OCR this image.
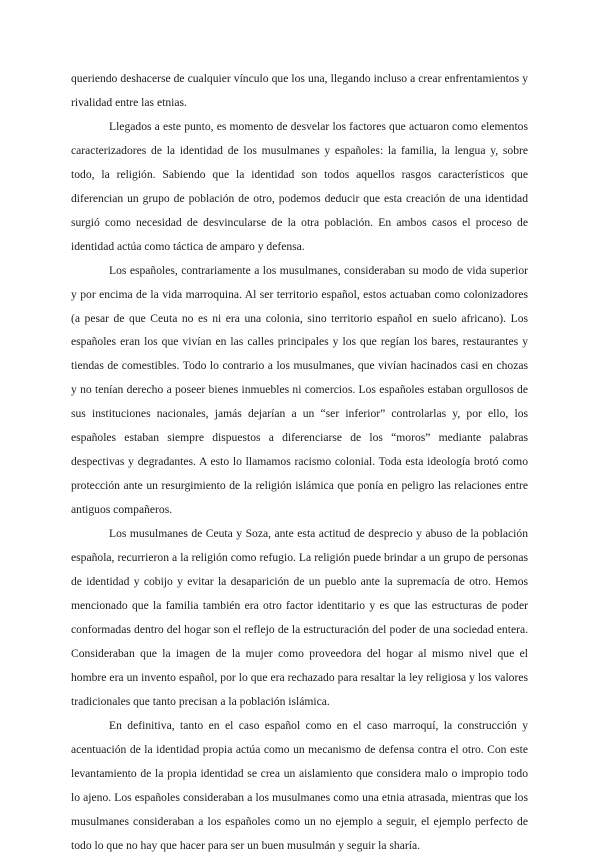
queriendo deshacerse de cualquier vínculo que los una, llegando incluso a crear enfrentamientos y rivalidad entre las etnias.

Llegados a este punto, es momento de desvelar los factores que actuaron como elementos caracterizadores de la identidad de los musulmanes y españoles: la familia, la lengua y, sobre todo, la religión. Sabiendo que la identidad son todos aquellos rasgos característicos que diferencian un grupo de población de otro, podemos deducir que esta creación de una identidad surgió como necesidad de desvincularse de la otra población. En ambos casos el proceso de identidad actúa como táctica de amparo y defensa.

Los españoles, contrariamente a los musulmanes, consideraban su modo de vida superior y por encima de la vida marroquina. Al ser territorio español, estos actuaban como colonizadores (a pesar de que Ceuta no es ni era una colonia, sino territorio español en suelo africano). Los españoles eran los que vivían en las calles principales y los que regían los bares, restaurantes y tiendas de comestibles. Todo lo contrario a los musulmanes, que vivían hacinados casi en chozas y no tenían derecho a poseer bienes inmuebles ni comercios. Los españoles estaban orgullosos de sus instituciones nacionales, jamás dejarían a un “ser inferior” controlarlas y, por ello, los españoles estaban siempre dispuestos a diferenciarse de los “moros” mediante palabras despectivas y degradantes. A esto lo llamamos racismo colonial. Toda esta ideología brotó como protección ante un resurgimiento de la religión islámica que ponía en peligro las relaciones entre antiguos compañeros.

Los musulmanes de Ceuta y Soza, ante esta actitud de desprecio y abuso de la población española, recurrieron a la religión como refugio. La religión puede brindar a un grupo de personas de identidad y cobijo y evitar la desaparición de un pueblo ante la supremacía de otro. Hemos mencionado que la familia también era otro factor identitario y es que las estructuras de poder conformadas dentro del hogar son el reflejo de la estructuración del poder de una sociedad entera. Consideraban que la imagen de la mujer como proveedora del hogar al mismo nivel que el hombre era un invento español, por lo que era rechazado para resaltar la ley religiosa y los valores tradicionales que tanto precisan a la población islámica.

En definitiva, tanto en el caso español como en el caso marroquí, la construcción y acentuación de la identidad propia actúa como un mecanismo de defensa contra el otro. Con este levantamiento de la propia identidad se crea un aislamiento que considera malo o impropio todo lo ajeno. Los españoles consideraban a los musulmanes como una etnia atrasada, mientras que los musulmanes consideraban a los españoles como un no ejemplo a seguir, el ejemplo perfecto de todo lo que no hay que hacer para ser un buen musulmán y seguir la sharía.
